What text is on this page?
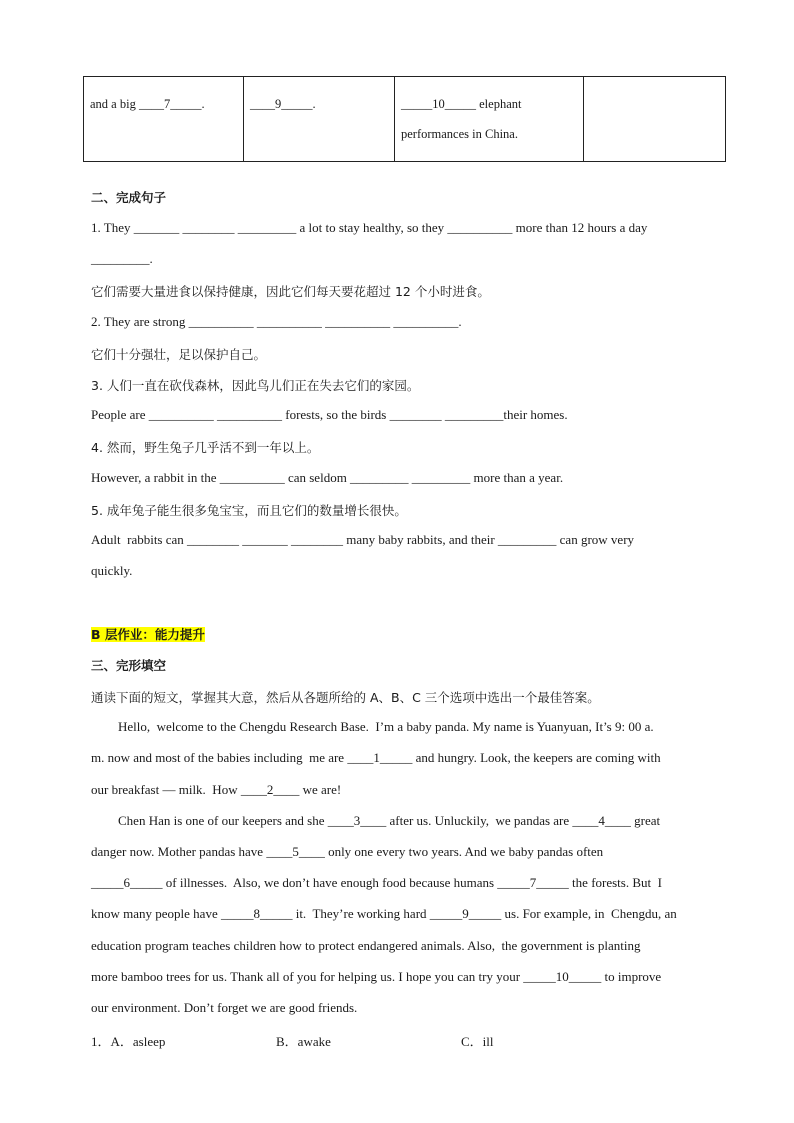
and a big ____7_____.	____9_____.	_____10_____ elephant performances in China.	
二、完成句子
1. They _______ ________ _________ a lot to stay healthy, so they __________ more than 12 hours a day
_________.
它们需要大量进食以保持健康，因此它们每天要花超过 12 个小时进食。
2. They are strong __________ __________ __________ __________.
它们十分强壮，足以保护自己。
3. 人们一直在砍伐森林，因此鸟儿们正在失去它们的家园。
People are __________ __________ forests, so the birds ________ _________their homes.
4. 然而，野生兔子几乎活不到一年以上。
However, a rabbit in the __________ can seldom _________ _________ more than a year.
5. 成年兔子能生很多兔宝宝，而且它们的数量增长很快。
Adult  rabbits can ________ _______ ________ many baby rabbits, and their _________ can grow very
quickly.
B 层作业：能力提升
三、完形填空
通读下面的短文，掌握其大意，然后从各题所给的 A、B、C 三个选项中选出一个最佳答案。
Hello,  welcome to the Chengdu Research Base.  I’m a baby panda. My name is Yuanyuan, It’s 9: 00 a.
m. now and most of the babies including  me are ____1_____ and hungry. Look, the keepers are coming with
our breakfast — milk.  How ____2____ we are!
Chen Han is one of our keepers and she ____3____ after us. Unluckily,  we pandas are ____4____ great
danger now. Mother pandas have ____5____ only one every two years. And we baby pandas often
_____6_____ of illnesses.  Also, we don’t have enough food because humans _____7_____ the forests. But  I
know many people have _____8_____ it.  They’re working hard _____9_____ us. For example, in  Chengdu, an
education program teaches children how to protect endangered animals. Also,  the government is planting
more bamboo trees for us. Thank all of you for helping us. I hope you can try your _____10_____ to improve
our environment. Don’t forget we are good friends.
1．A．asleep	B．awake	C．ill
